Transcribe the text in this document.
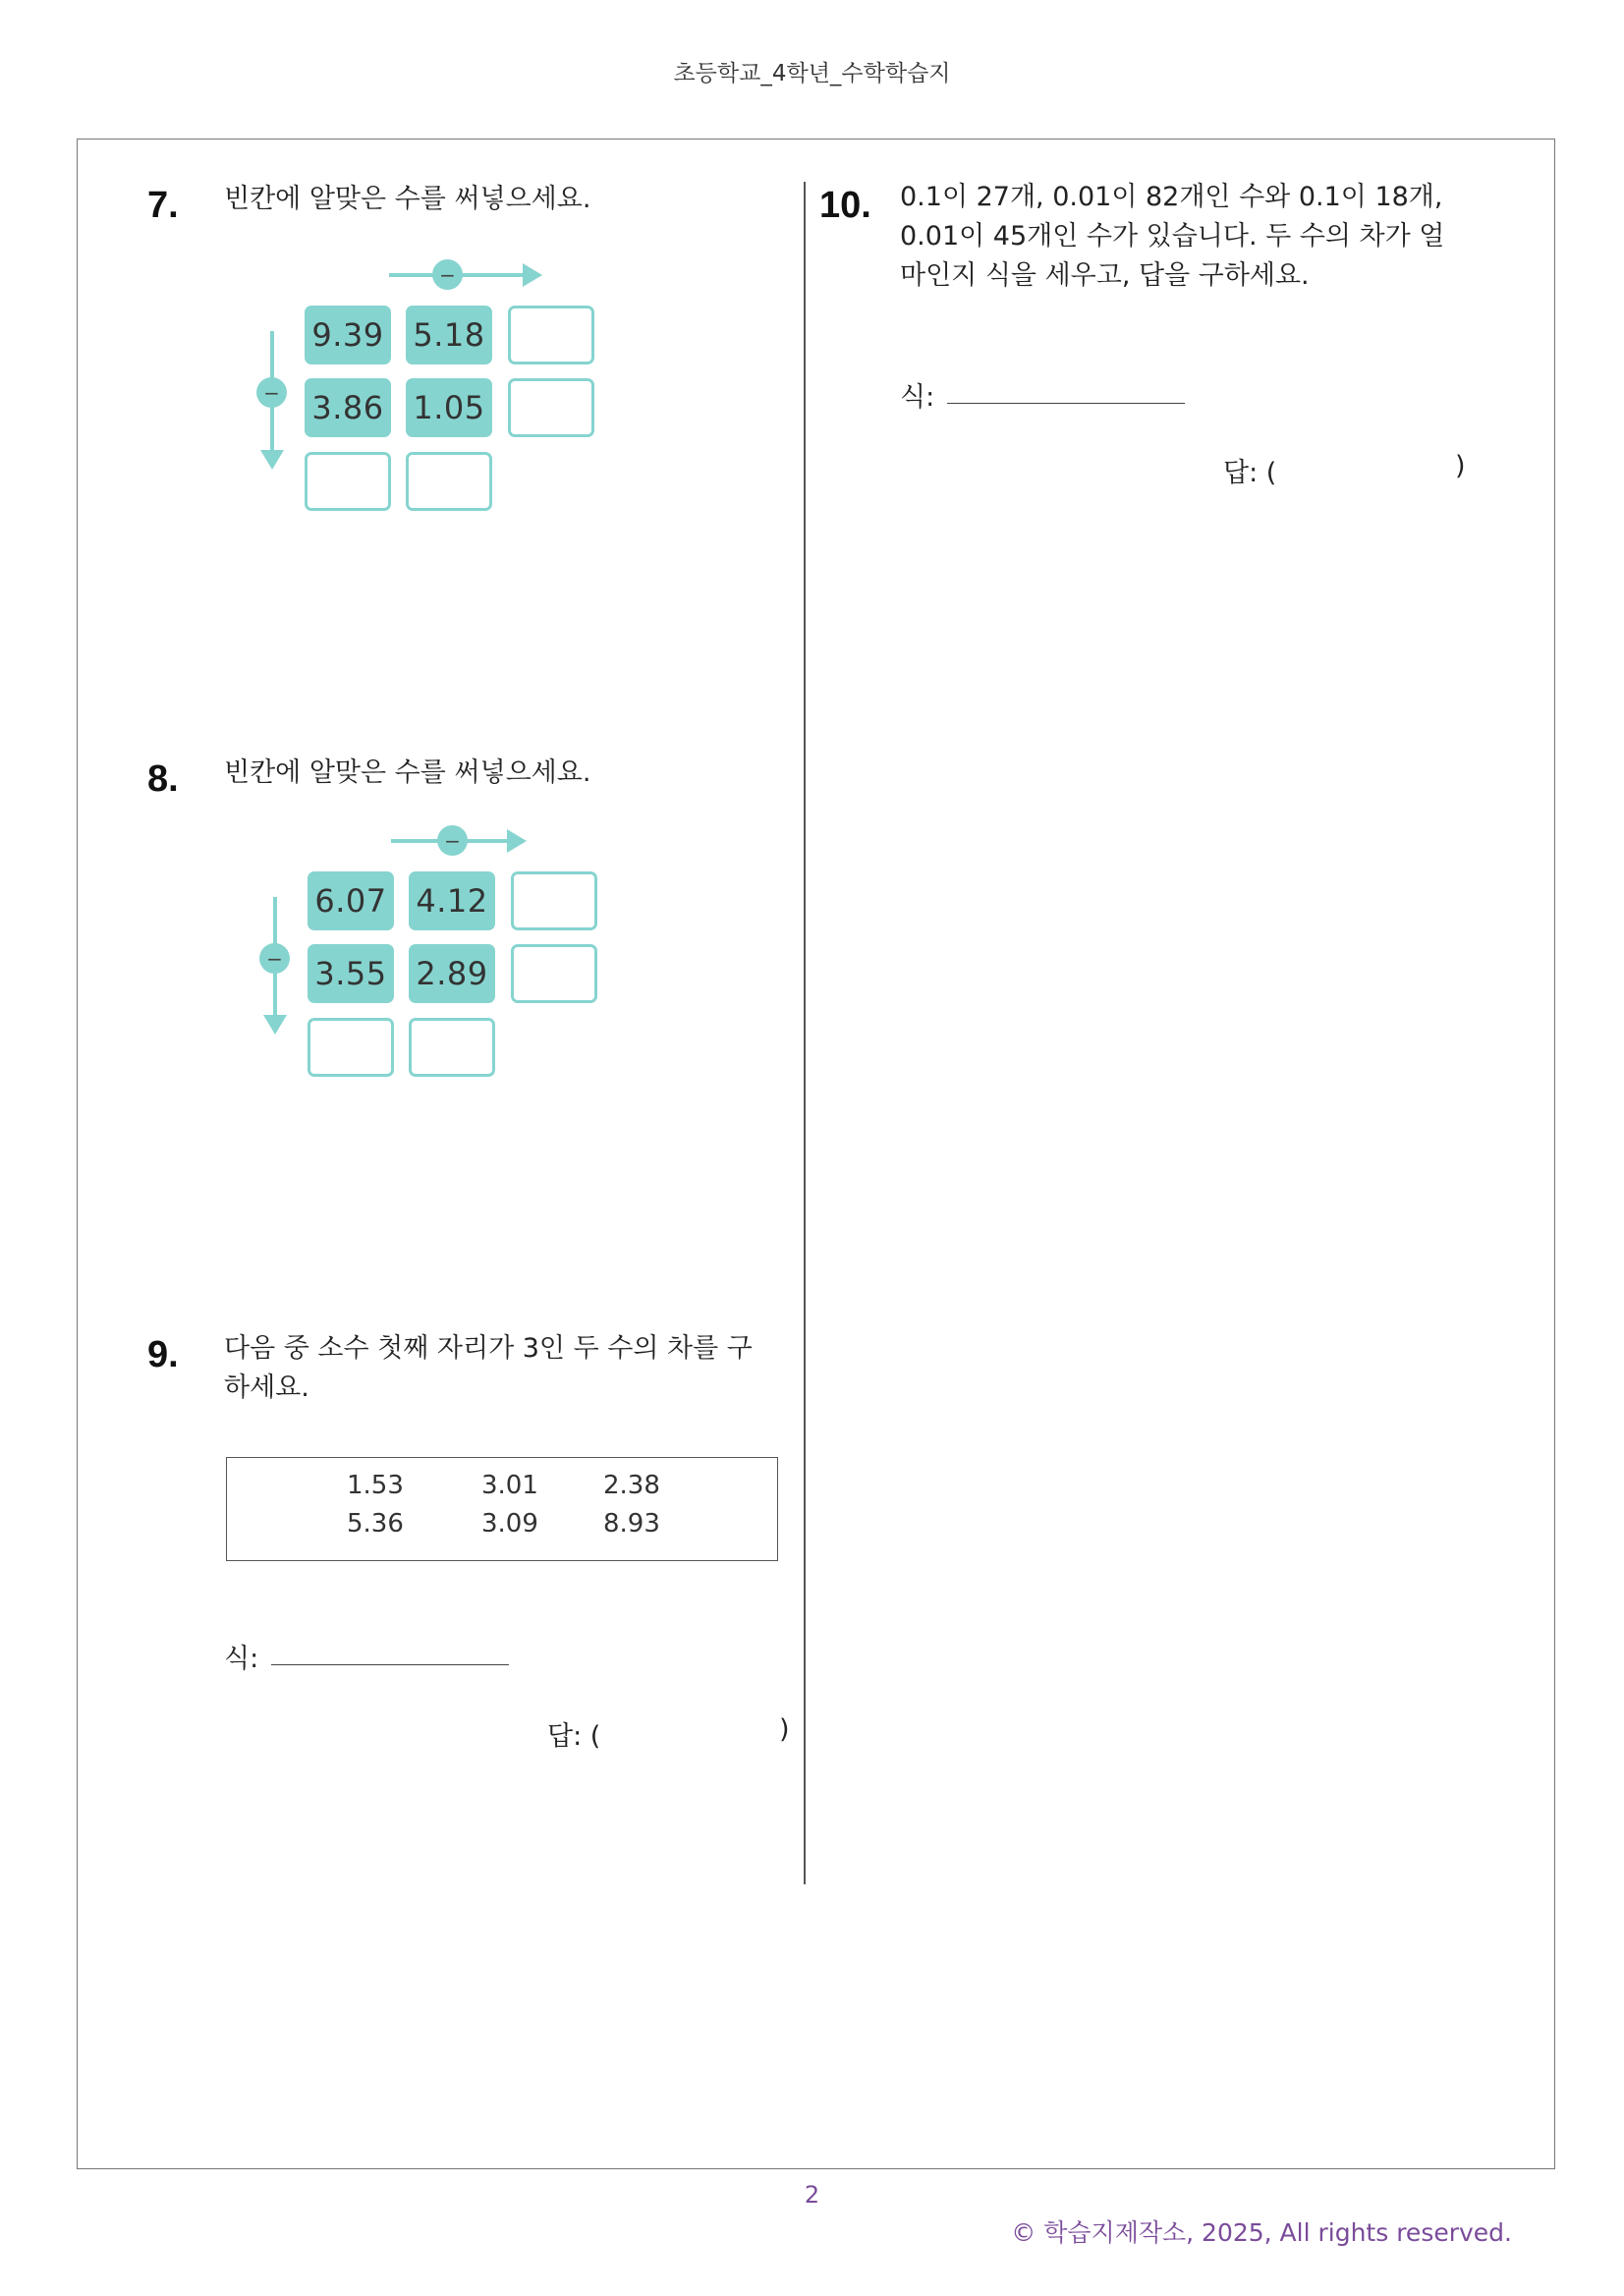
초등학교_4학년_수학학습지
7. 빈칸에 알맞은 수를 써넣으세요.
−
−
9.39 5.18
3.86 1.05
8. 빈칸에 알맞은 수를 써넣으세요.
−
−
6.07 4.12
3.55 2.89
9. 다음 중 소수 첫째 자리가 3인 두 수의 차를 구
하세요.
1.53	3.01	2.38
5.36	3.09	8.93
식:
답: (	)
10. 0.1이 27개, 0.01이 82개인 수와 0.1이 18개,
0.01이 45개인 수가 있습니다. 두 수의 차가 얼
마인지 식을 세우고, 답을 구하세요.
식:
답: (	)
2
© 학습지제작소, 2025, All rights reserved.
